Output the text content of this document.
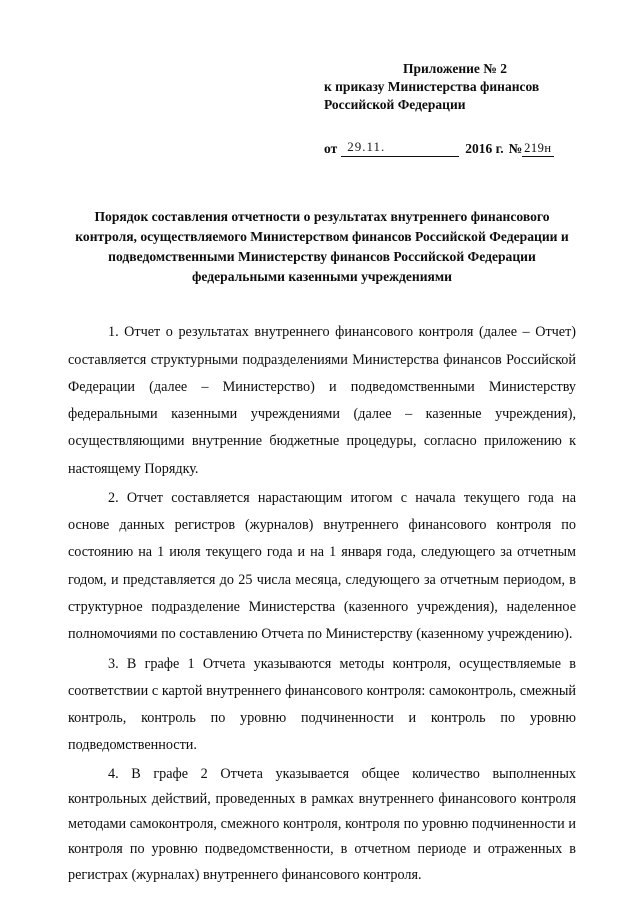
Приложение № 2
к приказу Министерства финансов
Российской Федерации
от 29.11.	2016 г. № 219н
Порядок составления отчетности о результатах внутреннего финансового контроля, осуществляемого Министерством финансов Российской Федерации и подведомственными Министерству финансов Российской Федерации федеральными казенными учреждениями

1. Отчет о результатах внутреннего финансового контроля (далее – Отчет) составляется структурными подразделениями Министерства финансов Российской Федерации (далее – Министерство) и подведомственными Министерству федеральными казенными учреждениями (далее – казенные учреждения), осуществляющими внутренние бюджетные процедуры, согласно приложению к настоящему Порядку.

2. Отчет составляется нарастающим итогом с начала текущего года на основе данных регистров (журналов) внутреннего финансового контроля по состоянию на 1 июля текущего года и на 1 января года, следующего за отчетным годом, и представляется до 25 числа месяца, следующего за отчетным периодом, в структурное подразделение Министерства (казенного учреждения), наделенное полномочиями по составлению Отчета по Министерству (казенному учреждению).

3. В графе 1 Отчета указываются методы контроля, осуществляемые в соответствии с картой внутреннего финансового контроля: самоконтроль, смежный контроль, контроль по уровню подчиненности и контроль по уровню подведомственности.

4. В графе 2 Отчета указывается общее количество выполненных контрольных действий, проведенных в рамках внутреннего финансового контроля методами самоконтроля, смежного контроля, контроля по уровню подчиненности и контроля по уровню подведомственности, в отчетном периоде и отраженных в регистрах (журналах) внутреннего финансового контроля.
